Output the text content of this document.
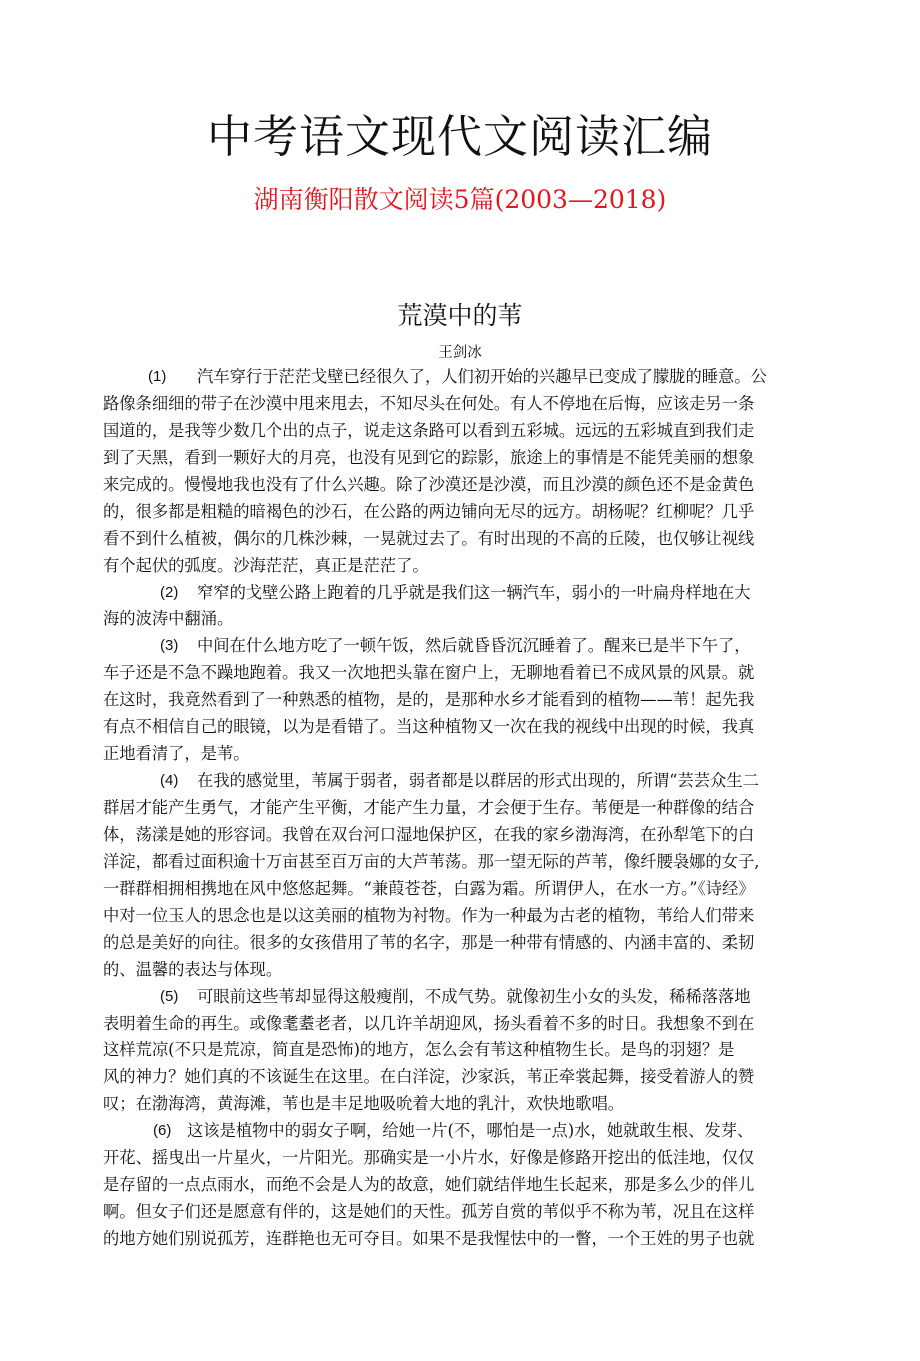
中考语文现代文阅读汇编
湖南衡阳散文阅读5篇(2003—2018)
荒漠中的苇
王剑冰
(1) 汽车穿行于茫茫戈壁已经很久了，人们初开始的兴趣早已变成了朦胧的睡意。公
路像条细细的带子在沙漠中甩来甩去，不知尽头在何处。有人不停地在后悔，应该走另一条
国道的，是我等少数几个出的点子，说走这条路可以看到五彩城。远远的五彩城直到我们走
到了天黑，看到一颗好大的月亮，也没有见到它的踪影，旅途上的事情是不能凭美丽的想象
来完成的。慢慢地我也没有了什么兴趣。除了沙漠还是沙漠，而且沙漠的颜色还不是金黄色
的，很多都是粗糙的暗褐色的沙石，在公路的两边铺向无尽的远方。胡杨呢？红柳呢？几乎
看不到什么植被，偶尔的几株沙棘，一晃就过去了。有时出现的不高的丘陵，也仅够让视线
有个起伏的弧度。沙海茫茫，真正是茫茫了。
(2) 窄窄的戈壁公路上跑着的几乎就是我们这一辆汽车，弱小的一叶扁舟样地在大
海的波涛中翻涌。
(3) 中间在什么地方吃了一顿午饭，然后就昏昏沉沉睡着了。醒来已是半下午了，
车子还是不急不躁地跑着。我又一次地把头靠在窗户上，无聊地看着已不成风景的风景。就
在这时，我竟然看到了一种熟悉的植物，是的，是那种水乡才能看到的植物——苇！起先我
有点不相信自己的眼镜，以为是看错了。当这种植物又一次在我的视线中出现的时候，我真
正地看清了，是苇。
(4) 在我的感觉里，苇属于弱者，弱者都是以群居的形式出现的，所谓“芸芸众生二
群居才能产生勇气，才能产生平衡，才能产生力量，才会便于生存。苇便是一种群像的结合
体，荡漾是她的形容词。我曾在双台河口湿地保护区，在我的家乡渤海湾，在孙犁笔下的白
洋淀，都看过面积逾十万亩甚至百万亩的大芦苇荡。那一望无际的芦苇，像纤腰袅娜的女子,
一群群相拥相携地在风中悠悠起舞。“兼葭苍苍，白露为霜。所谓伊人，在水一方。”《诗经》
中对一位玉人的思念也是以这美丽的植物为衬物。作为一种最为古老的植物，苇给人们带来
的总是美好的向往。很多的女孩借用了苇的名字，那是一种带有情感的、内涵丰富的、柔韧
的、温馨的表达与体现。
(5) 可眼前这些苇却显得这般瘦削，不成气势。就像初生小女的头发，稀稀落落地
表明着生命的再生。或像耄耋老者，以几许羊胡迎风，扬头看着不多的时日。我想象不到在
这样荒凉(不只是荒凉，简直是恐怖)的地方，怎么会有苇这种植物生长。是鸟的羽翅？是
风的神力？她们真的不该诞生在这里。在白洋淀，沙家浜，苇正牵裳起舞，接受着游人的赞
叹；在渤海湾，黄海滩，苇也是丰足地吸吮着大地的乳汁，欢快地歌唱。
(6) 这该是植物中的弱女子啊，给她一片(不，哪怕是一点)水，她就敢生根、发芽、
开花、摇曳出一片星火，一片阳光。那确实是一小片水，好像是修路开挖出的低洼地，仅仅
是存留的一点点雨水，而绝不会是人为的故意，她们就结伴地生长起来，那是多么少的伴儿
啊。但女子们还是愿意有伴的，这是她们的天性。孤芳自赏的苇似乎不称为苇，况且在这样
的地方她们别说孤芳，连群艳也无可夺目。如果不是我惺怯中的一瞥，一个王姓的男子也就
